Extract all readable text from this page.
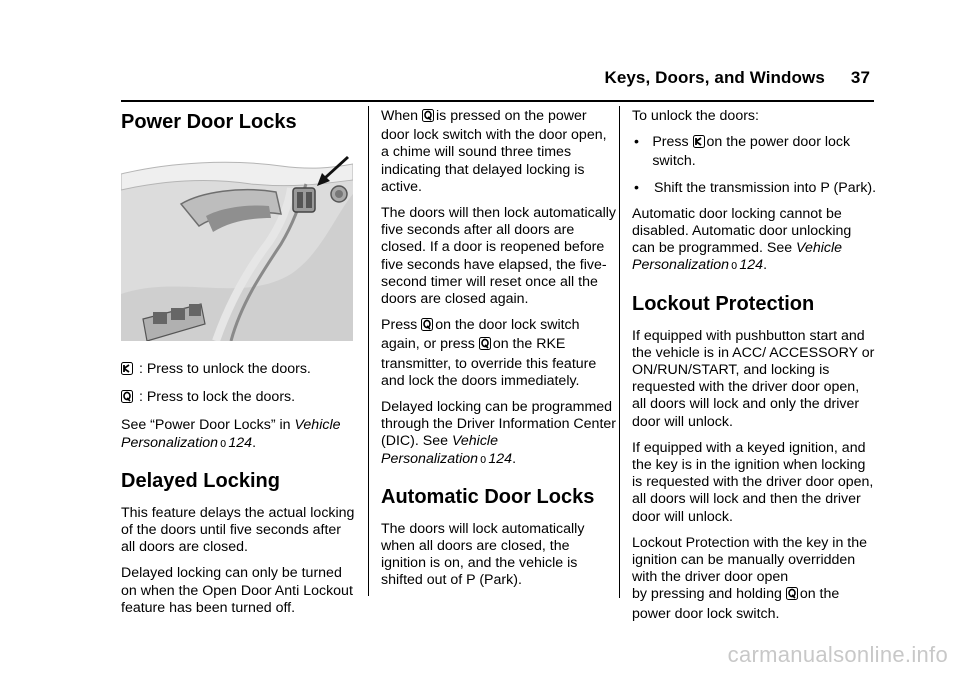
Keys, Doors, and Windows 37
Power Door Locks

: Press to unlock the doors.

: Press to lock the doors.

See “Power Door Locks” in Vehicle Personalization 0 124.

Delayed Locking

This feature delays the actual locking of the doors until five seconds after all doors are closed.

Delayed locking can only be turned on when the Open Door Anti Lockout feature has been turned off.

When is pressed on the power door lock switch with the door open, a chime will sound three times indicating that delayed locking is active.

The doors will then lock automatically five seconds after all doors are closed. If a door is reopened before five seconds have elapsed, the five-second timer will reset once all the doors are closed again.

Press on the door lock switch again, or press on the RKE transmitter, to override this feature and lock the doors immediately.

Delayed locking can be programmed through the Driver Information Center (DIC). See Vehicle Personalization 0 124.

Automatic Door Locks

The doors will lock automatically when all doors are closed, the ignition is on, and the vehicle is shifted out of P (Park).

To unlock the doors:

• Press on the power door lock switch.
•	Shift the transmission into P (Park).

Automatic door locking cannot be disabled. Automatic door unlocking can be programmed. See Vehicle Personalization 0 124.

Lockout Protection

If equipped with pushbutton start and the vehicle is in ACC/ ACCESSORY or ON/RUN/START, and locking is requested with the driver door open, all doors will lock and only the driver door will unlock.

If equipped with a keyed ignition, and the key is in the ignition when locking is requested with the driver door open, all doors will lock and then the driver door will unlock.

Lockout Protection with the key in the ignition can be manually overridden with the driver door open

by pressing and holding on the power door lock switch.

carmanualsonline.info
